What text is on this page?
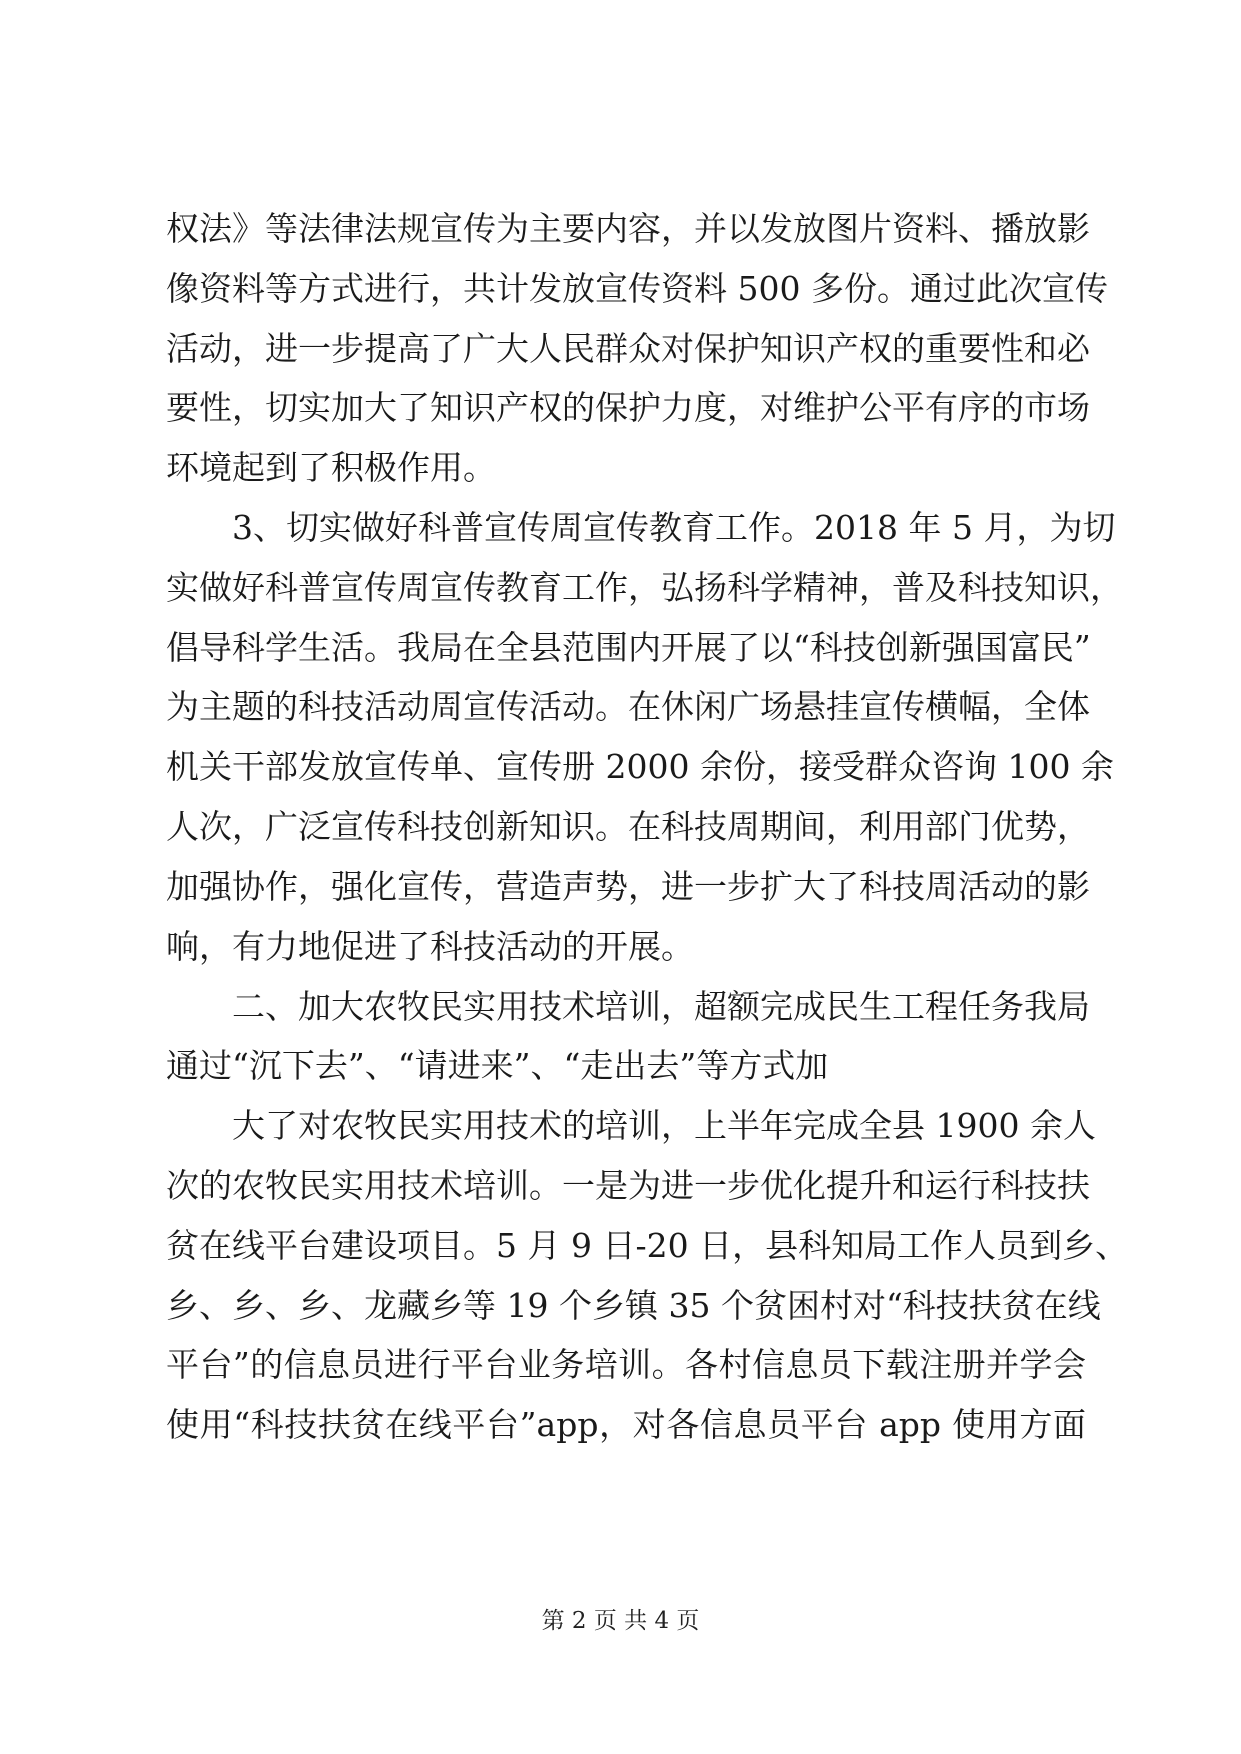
权法》等法律法规宣传为主要内容，并以发放图片资料、播放影
像资料等方式进行，共计发放宣传资料 500 多份。通过此次宣传
活动，进一步提高了广大人民群众对保护知识产权的重要性和必
要性，切实加大了知识产权的保护力度，对维护公平有序的市场
环境起到了积极作用。
3、切实做好科普宣传周宣传教育工作。2018 年 5 月，为切
实做好科普宣传周宣传教育工作，弘扬科学精神，普及科技知识，
倡导科学生活。我局在全县范围内开展了以“科技创新强国富民”
为主题的科技活动周宣传活动。在休闲广场悬挂宣传横幅，全体
机关干部发放宣传单、宣传册 2000 余份，接受群众咨询 100 余
人次，广泛宣传科技创新知识。在科技周期间，利用部门优势，
加强协作，强化宣传，营造声势，进一步扩大了科技周活动的影
响，有力地促进了科技活动的开展。
二、加大农牧民实用技术培训，超额完成民生工程任务我局
通过“沉下去”、“请进来”、“走出去”等方式加
大了对农牧民实用技术的培训，上半年完成全县 1900 余人
次的农牧民实用技术培训。一是为进一步优化提升和运行科技扶
贫在线平台建设项目。5 月 9 日-20 日，县科知局工作人员到乡、
乡、乡、乡、龙藏乡等 19 个乡镇 35 个贫困村对“科技扶贫在线
平台”的信息员进行平台业务培训。各村信息员下载注册并学会
使用“科技扶贫在线平台”app，对各信息员平台 app 使用方面
第 2 页 共 4 页
